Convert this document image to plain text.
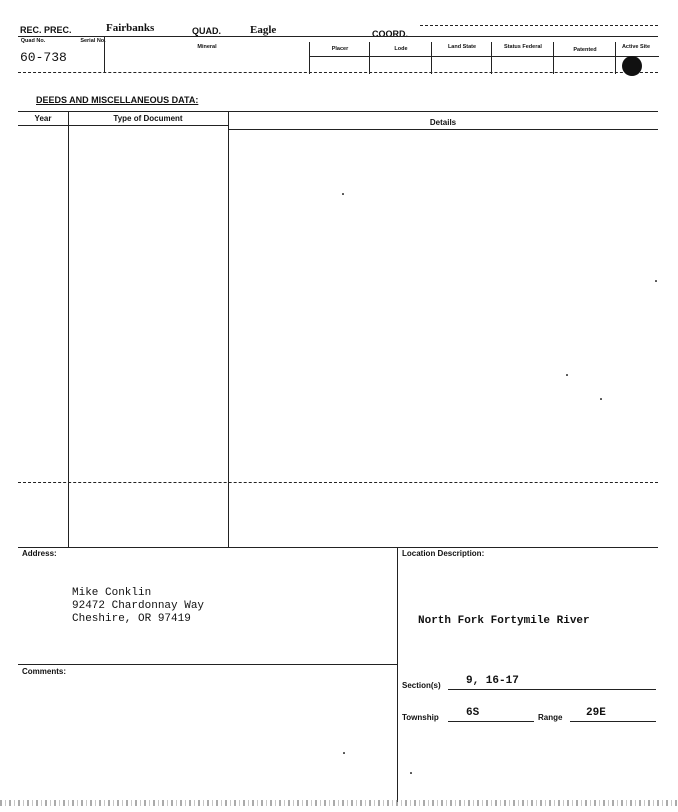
REC. PREC.	Fairbanks	QUAD.	Eagle	COORD.
Quad No.	Serial No.
Mineral	Placer	Lode	Land State	Status Federal	Patented	Active Site
60-738
DEEDS AND MISCELLANEOUS DATA:
Year	Type of Document	Details
Address:
Mike Conklin
92472 Chardonnay Way
Cheshire, OR 97419
Location Description:
North Fork Fortymile River
Comments:
Section(s) 9, 16-17
Township 6S	Range 29E
